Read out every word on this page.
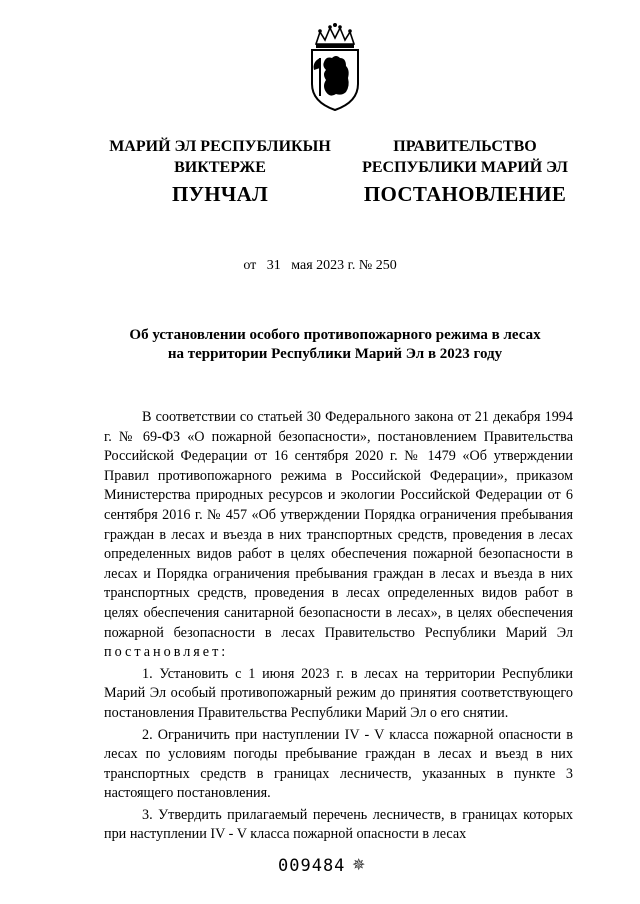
МАРИЙ ЭЛ РЕСПУБЛИКЫН
ВИКТЕРЖЕ
ПУНЧАЛ
ПРАВИТЕЛЬСТВО
РЕСПУБЛИКИ МАРИЙ ЭЛ
ПОСТАНОВЛЕНИЕ
от 31 мая 2023 г. № 250
Об установлении особого противопожарного режима в лесах
на территории Республики Марий Эл в 2023 году

В соответствии со статьей 30 Федерального закона от 21 декабря 1994 г. № 69-ФЗ «О пожарной безопасности», постановлением Правительства Российской Федерации от 16 сентября 2020 г. № 1479 «Об утверждении Правил противопожарного режима в Российской Федерации», приказом Министерства природных ресурсов и экологии Российской Федерации от 6 сентября 2016 г. № 457 «Об утверждении Порядка ограничения пребывания граждан в лесах и въезда в них транспортных средств, проведения в лесах определенных видов работ в целях обеспечения пожарной безопасности в лесах и Порядка ограничения пребывания граждан в лесах и въезда в них транспортных средств, проведения в лесах определенных видов работ в целях обеспечения санитарной безопасности в лесах», в целях обеспечения пожарной безопасности в лесах Правительство Республики Марий Эл постановляет:

1. Установить с 1 июня 2023 г. в лесах на территории Республики Марий Эл особый противопожарный режим до принятия соответствующего постановления Правительства Республики Марий Эл о его снятии.

2. Ограничить при наступлении IV - V класса пожарной опасности в лесах по условиям погоды пребывание граждан в лесах и въезд в них транспортных средств в границах лесничеств, указанных в пункте 3 настоящего постановления.

3. Утвердить прилагаемый перечень лесничеств, в границах которых при наступлении IV - V класса пожарной опасности в лесах

009484 ✵
